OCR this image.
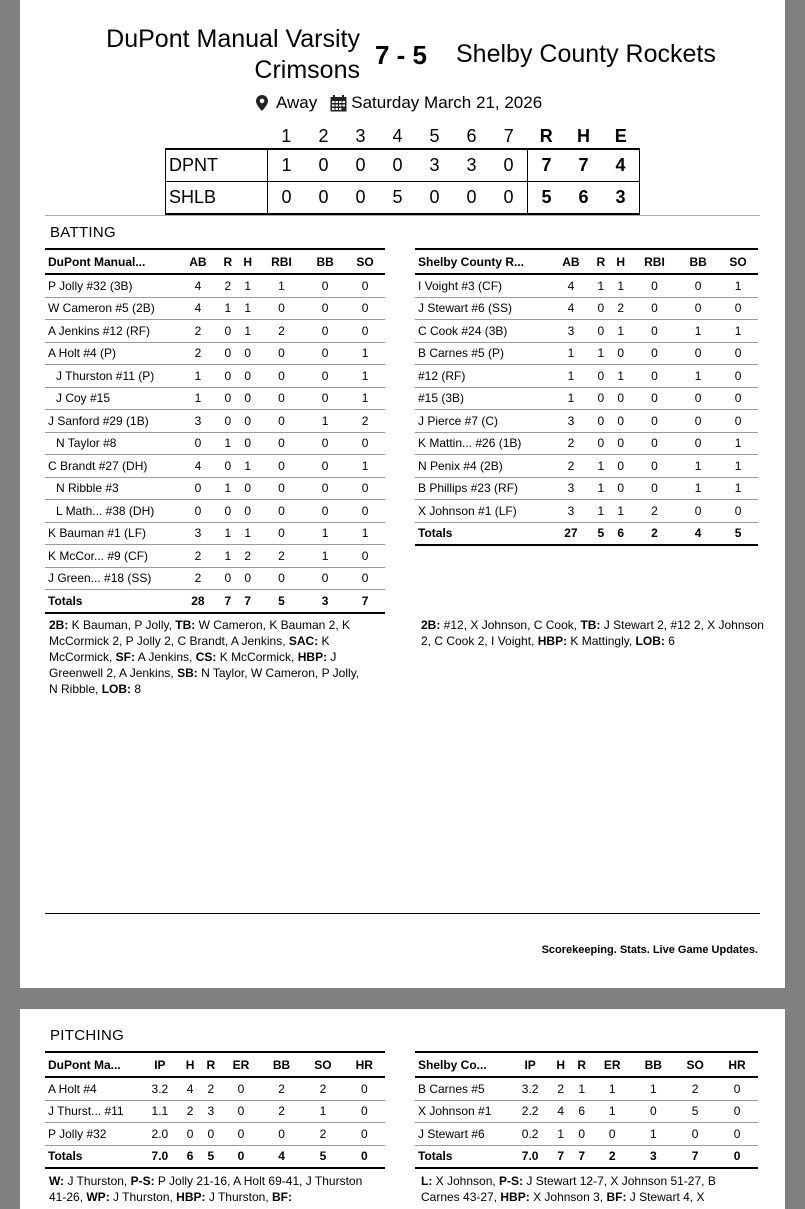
DuPont Manual Varsity Crimsons 7 - 5	Shelby County Rockets
Away Saturday March 21, 2026
	1	2	3	4	5	6	7	R	H	E
DPNT	1	0	0	0	3	3	0	7	7	4
SHLB	0	0	0	5	0	0	0	5	6	3
BATTING
DuPont Manual...	AB	R	H	RBI	BB	SO
P Jolly #32 (3B)	4	2	1	1	0	0
W Cameron #5 (2B)	4	1	1	0	0	0
A Jenkins #12 (RF)	2	0	1	2	0	0
A Holt #4 (P)	2	0	0	0	0	1
J Thurston #11 (P)	1	0	0	0	0	1
J Coy #15	1	0	0	0	0	1
J Sanford #29 (1B)	3	0	0	0	1	2
N Taylor #8	0	1	0	0	0	0
C Brandt #27 (DH)	4	0	1	0	0	1
N Ribble #3	0	1	0	0	0	0
L Math... #38 (DH)	0	0	0	0	0	0
K Bauman #1 (LF)	3	1	1	0	1	1
K McCor... #9 (CF)	2	1	2	2	1	0
J Green... #18 (SS)	2	0	0	0	0	0
Totals	28	7	7	5	3	7
Shelby County R...	AB	R	H	RBI	BB	SO
I Voight #3 (CF)	4	1	1	0	0	1
J Stewart #6 (SS)	4	0	2	0	0	0
C Cook #24 (3B)	3	0	1	0	1	1
B Carnes #5 (P)	1	1	0	0	0	0
#12 (RF)	1	0	1	0	1	0
#15 (3B)	1	0	0	0	0	0
J Pierce #7 (C)	3	0	0	0	0	0
K Mattin... #26 (1B)	2	0	0	0	0	1
N Penix #4 (2B)	2	1	0	0	1	1
B Phillips #23 (RF)	3	1	0	0	1	1
X Johnson #1 (LF)	3	1	1	2	0	0
Totals	27	5	6	2	4	5
2B: K Bauman, P Jolly, TB: W Cameron, K Bauman 2, K McCormick 2, P Jolly 2, C Brandt, A Jenkins, SAC: K McCormick, SF: A Jenkins, CS: K McCormick, HBP: J Greenwell 2, A Jenkins, SB: N Taylor, W Cameron, P Jolly, N Ribble, LOB: 8
2B: #12, X Johnson, C Cook, TB: J Stewart 2, #12 2, X Johnson 2, C Cook 2, I Voight, HBP: K Mattingly, LOB: 6
Scorekeeping. Stats. Live Game Updates.
PITCHING
DuPont Ma...	IP	H	R	ER	BB	SO	HR
A Holt #4	3.2	4	2	0	2	2	0
J Thurst... #11	1.1	2	3	0	2	1	0
P Jolly #32	2.0	0	0	0	0	2	0
Totals	7.0	6	5	0	4	5	0
Shelby Co...	IP	H	R	ER	BB	SO	HR
B Carnes #5	3.2	2	1	1	1	2	0
X Johnson #1	2.2	4	6	1	0	5	0
J Stewart #6	0.2	1	0	0	1	0	0
Totals	7.0	7	7	2	3	7	0
W: J Thurston, P-S: P Jolly 21-16, A Holt 69-41, J Thurston 41-26, WP: J Thurston, HBP: J Thurston, BF:
L: X Johnson, P-S: J Stewart 12-7, X Johnson 51-27, B Carnes 43-27, HBP: X Johnson 3, BF: J Stewart 4, X
